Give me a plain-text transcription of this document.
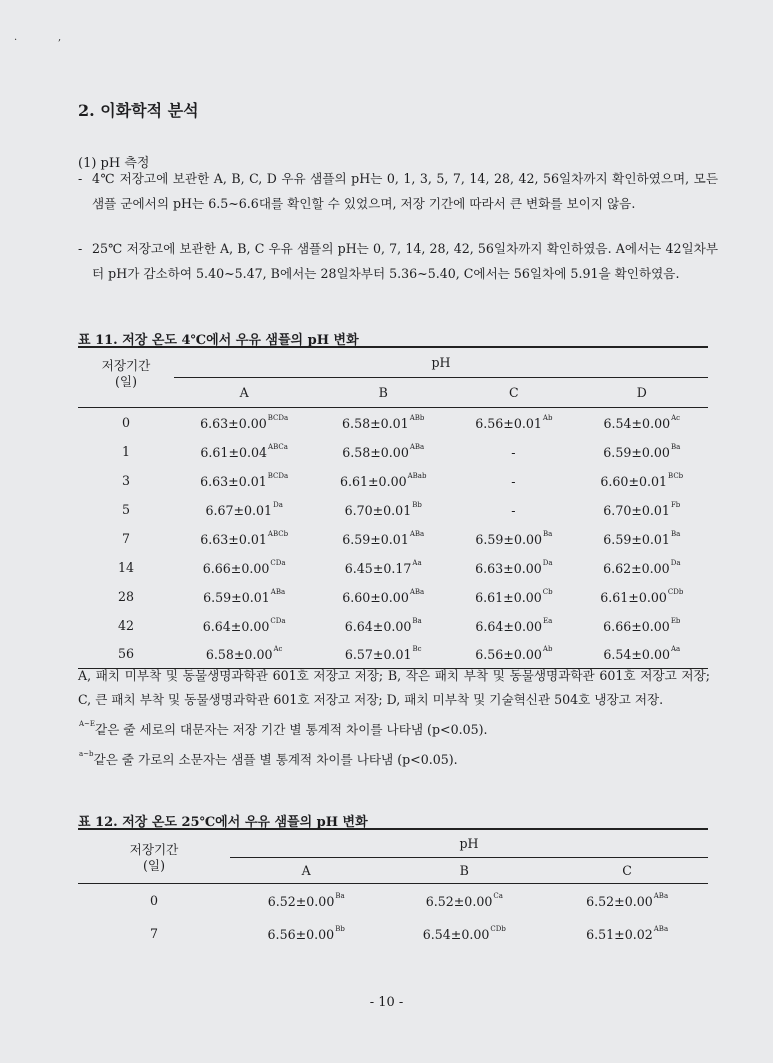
.	,
2. 이화학적 분석
(1) pH 측정
- 4℃ 저장고에 보관한 A, B, C, D 우유 샘플의 pH는 0, 1, 3, 5, 7, 14, 28, 42, 56일차까지 확인하였으며, 모든 샘플 군에서의 pH는 6.5~6.6대를 확인할 수 있었으며, 저장 기간에 따라서 큰 변화를 보이지 않음.
- 25℃ 저장고에 보관한 A, B, C 우유 샘플의 pH는 0, 7, 14, 28, 42, 56일차까지 확인하였음. A에서는 42일차부터 pH가 감소하여 5.40~5.47, B에서는 28일차부터 5.36~5.40, C에서는 56일차에 5.91을 확인하였음.
표 11. 저장 온도 4℃에서 우유 샘플의 pH 변화
저장기간
(일)	pH			
	A	B	C	D
0	$6.63\pm 0.00^{BCDa}$	$6.58\pm 0.01^{ABb}$	$6.56\pm 0.01^{Ab}$	$6.54\pm 0.00^{Ac}$
1	$6.61\pm 0.04^{ABCa}$	$6.58\pm 0.00^{ABa}$	-	$6.59\pm 0.00^{Ba}$
3	$6.63\pm 0.01^{BCDa}$	$6.61\pm 0.00^{ABab}$	-	$6.60\pm 0.01^{BCb}$
5	$6.67\pm 0.01^{Da}$	$6.70\pm 0.01^{Bb}$	-	$6.70\pm 0.01^{Fb}$
7	$6.63\pm 0.01^{ABCb}$	$6.59\pm 0.01^{ABa}$	$6.59\pm 0.00^{Ba}$	$6.59\pm 0.01^{Ba}$
14	$6.66\pm 0.00^{CDa}$	$6.45\pm 0.17^{Aa}$	$6.63\pm 0.00^{Da}$	$6.62\pm 0.00^{Da}$
28	$6.59\pm 0.01^{ABa}$	$6.60\pm 0.00^{ABa}$	$6.61\pm 0.00^{Cb}$	$6.61\pm 0.00^{CDb}$
42	$6.64\pm 0.00^{CDa}$	$6.64\pm 0.00^{Ba}$	$6.64\pm 0.00^{Ea}$	$6.66\pm 0.00^{Eb}$
56	$6.58\pm 0.00^{Ac}$	$6.57\pm 0.01^{Bc}$	$6.56\pm 0.00^{Ab}$	$6.54\pm 0.00^{Aa}$
A, 패치 미부착 및 동물생명과학관 601호 저장고 저장; B, 작은 패치 부착 및 동물생명과학관 601호 저장고 저장; C, 큰 패치 부착 및 동물생명과학관 601호 저장고 저장; D, 패치 미부착 및 기술혁신관 504호 냉장고 저장.
$^{A\sim E}$같은 줄 세로의 대문자는 저장 기간 별 통계적 차이를 나타냄 (p<0.05).
$^{a\sim b}$같은 줄 가로의 소문자는 샘플 별 통계적 차이를 나타냄 (p<0.05).
표 12. 저장 온도 25℃에서 우유 샘플의 pH 변화
저장기간
(일)	pH		
	A	B	C
0	$6.52\pm 0.00^{Ba}$	$6.52\pm 0.00^{Ca}$	$6.52\pm 0.00^{ABa}$
7	$6.56\pm 0.00^{Bb}$	$6.54\pm 0.00^{CDb}$	$6.51\pm 0.02^{ABa}$
- 10 -
